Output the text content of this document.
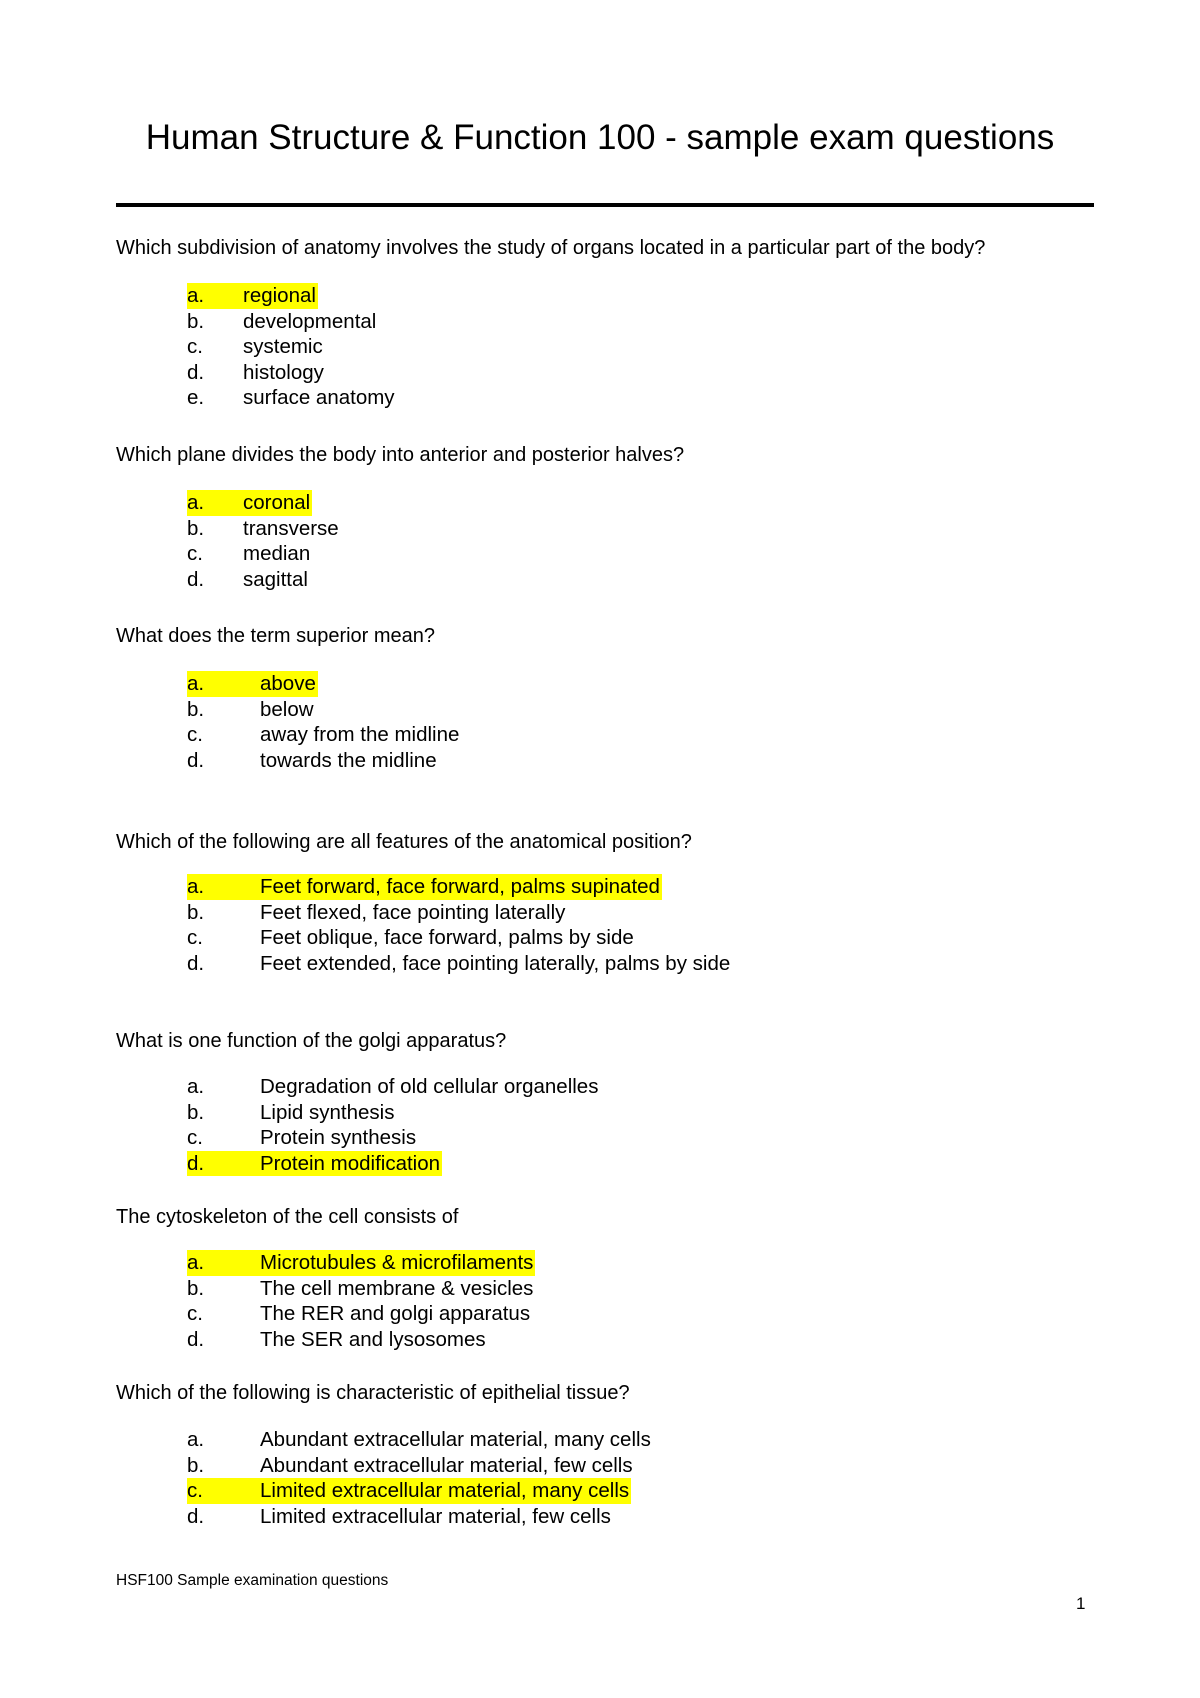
Human Structure & Function 100 - sample exam questions
Which subdivision of anatomy involves the study of organs located in a particular part of the body?
a. regional
b. developmental
c. systemic
d. histology
e. surface anatomy
Which plane divides the body into anterior and posterior halves?
a. coronal
b. transverse
c. median
d. sagittal
What does the term superior mean?
a.	above
b.	below
c.	away from the midline
d.	towards the midline
Which of the following are all features of the anatomical position?
a.	Feet forward, face forward, palms supinated
b.	Feet flexed, face pointing laterally
c.	Feet oblique, face forward, palms by side
d.	Feet extended, face pointing laterally, palms by side
What is one function of the golgi apparatus?
a.	Degradation of old cellular organelles
b.	Lipid synthesis
c.	Protein synthesis
d.	Protein modification
The cytoskeleton of the cell consists of
a.	Microtubules & microfilaments
b.	The cell membrane & vesicles
c.	The RER and golgi apparatus
d.	The SER and lysosomes
Which of the following is characteristic of epithelial tissue?
a.	Abundant extracellular material, many cells
b.	Abundant extracellular material, few cells
c.	Limited extracellular material, many cells
d.	Limited extracellular material, few cells
HSF100 Sample examination questions
1
